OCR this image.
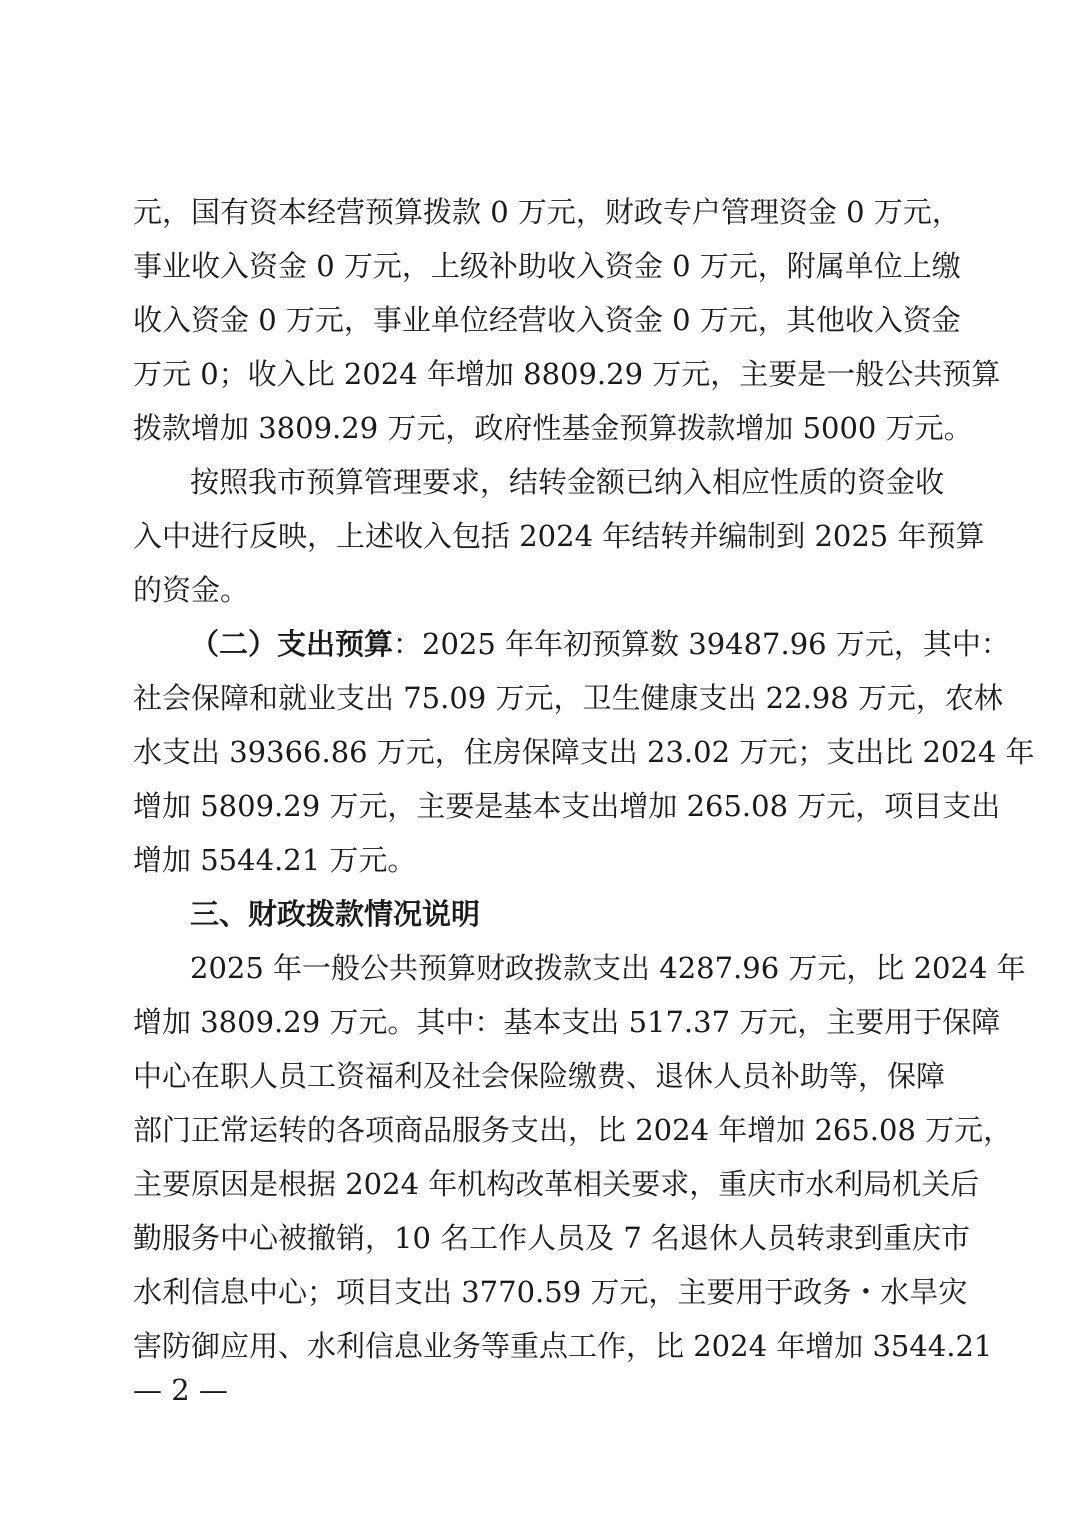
元，国有资本经营预算拨款 0 万元，财政专户管理资金 0 万元，
事业收入资金 0 万元，上级补助收入资金 0 万元，附属单位上缴
收入资金 0 万元，事业单位经营收入资金 0 万元，其他收入资金
万元 0；收入比 2024 年增加 8809.29 万元，主要是一般公共预算
拨款增加 3809.29 万元，政府性基金预算拨款增加 5000 万元。
按照我市预算管理要求，结转金额已纳入相应性质的资金收
入中进行反映，上述收入包括 2024 年结转并编制到 2025 年预算
的资金。
（二）支出预算：2025 年年初预算数 39487.96 万元，其中：
社会保障和就业支出 75.09 万元，卫生健康支出 22.98 万元，农林
水支出 39366.86 万元，住房保障支出 23.02 万元；支出比 2024 年
增加 5809.29 万元，主要是基本支出增加 265.08 万元，项目支出
增加 5544.21 万元。
三、财政拨款情况说明
2025 年一般公共预算财政拨款支出 4287.96 万元，比 2024 年
增加 3809.29 万元。其中：基本支出 517.37 万元，主要用于保障
中心在职人员工资福利及社会保险缴费、退休人员补助等，保障
部门正常运转的各项商品服务支出，比 2024 年增加 265.08 万元，
主要原因是根据 2024 年机构改革相关要求，重庆市水利局机关后
勤服务中心被撤销，10 名工作人员及 7 名退休人员转隶到重庆市
水利信息中心；项目支出 3770.59 万元，主要用于政务・水旱灾
害防御应用、水利信息业务等重点工作，比 2024 年增加 3544.21
— 2 —
